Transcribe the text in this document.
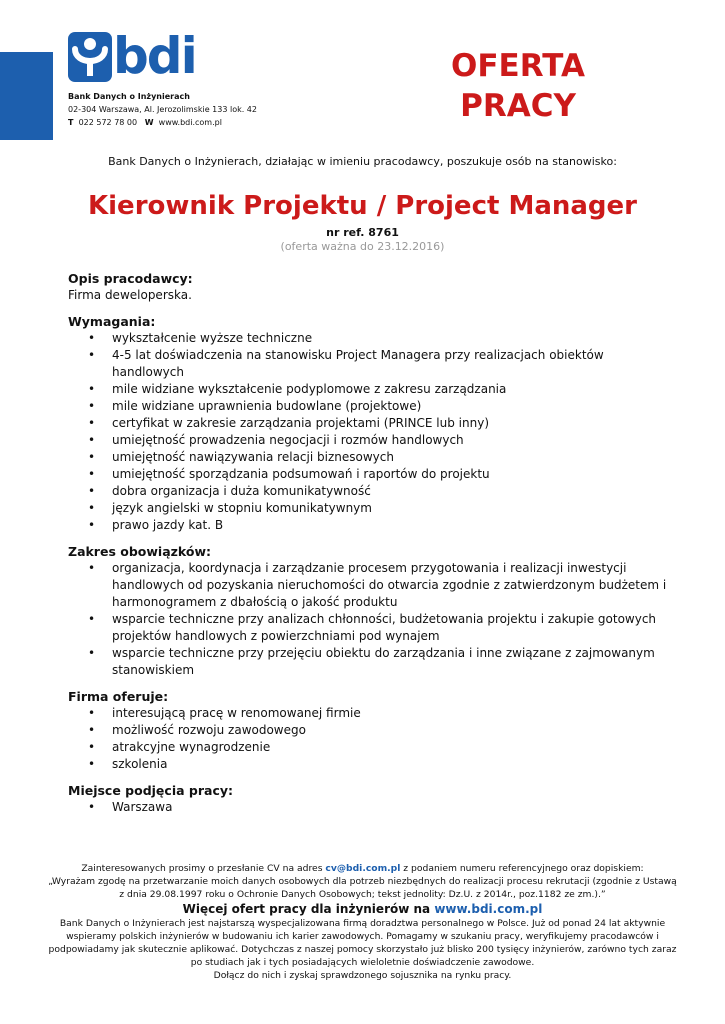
bdi
Bank Danych o Inżynierach
02-304 Warszawa, Al. Jerozolimskie 133 lok. 42
T 022 572 78 00 W www.bdi.com.pl
OFERTA
PRACY
Bank Danych o Inżynierach, działając w imieniu pracodawcy, poszukuje osób na stanowisko:
Kierownik Projektu / Project Manager
nr ref. 8761
(oferta ważna do 23.12.2016)
Opis pracodawcy:
Firma deweloperska.
Wymagania:
• wykształcenie wyższe techniczne
• 4-5 lat doświadczenia na stanowisku Project Managera przy realizacjach obiektów handlowych
• mile widziane wykształcenie podyplomowe z zakresu zarządzania
• mile widziane uprawnienia budowlane (projektowe)
• certyfikat w zakresie zarządzania projektami (PRINCE lub inny)
• umiejętność prowadzenia negocjacji i rozmów handlowych
• umiejętność nawiązywania relacji biznesowych
• umiejętność sporządzania podsumowań i raportów do projektu
• dobra organizacja i duża komunikatywność
• język angielski w stopniu komunikatywnym
• prawo jazdy kat. B
Zakres obowiązków:
• organizacja, koordynacja i zarządzanie procesem przygotowania i realizacji inwestycji handlowych od pozyskania nieruchomości do otwarcia zgodnie z zatwierdzonym budżetem i harmonogramem z dbałością o jakość produktu
• wsparcie techniczne przy analizach chłonności, budżetowania projektu i zakupie gotowych projektów handlowych z powierzchniami pod wynajem
• wsparcie techniczne przy przejęciu obiektu do zarządzania i inne związane z zajmowanym stanowiskiem
Firma oferuje:
• interesującą pracę w renomowanej firmie
• możliwość rozwoju zawodowego
• atrakcyjne wynagrodzenie
• szkolenia
Miejsce podjęcia pracy:
• Warszawa
Zainteresowanych prosimy o przesłanie CV na adres cv@bdi.com.pl z podaniem numeru referencyjnego oraz dopiskiem:
„Wyrażam zgodę na przetwarzanie moich danych osobowych dla potrzeb niezbędnych do realizacji procesu rekrutacji (zgodnie z Ustawą z dnia 29.08.1997 roku o Ochronie Danych Osobowych; tekst jednolity: Dz.U. z 2014r., poz.1182 ze zm.).”
Więcej ofert pracy dla inżynierów na www.bdi.com.pl
Bank Danych o Inżynierach jest najstarszą wyspecjalizowana firmą doradztwa personalnego w Polsce. Już od ponad 24 lat aktywnie wspieramy polskich inżynierów w budowaniu ich karier zawodowych. Pomagamy w szukaniu pracy, weryfikujemy pracodawców i podpowiadamy jak skutecznie aplikować. Dotychczas z naszej pomocy skorzystało już blisko 200 tysięcy inżynierów, zarówno tych zaraz po studiach jak i tych posiadających wieloletnie doświadczenie zawodowe.
Dołącz do nich i zyskaj sprawdzonego sojusznika na rynku pracy.
